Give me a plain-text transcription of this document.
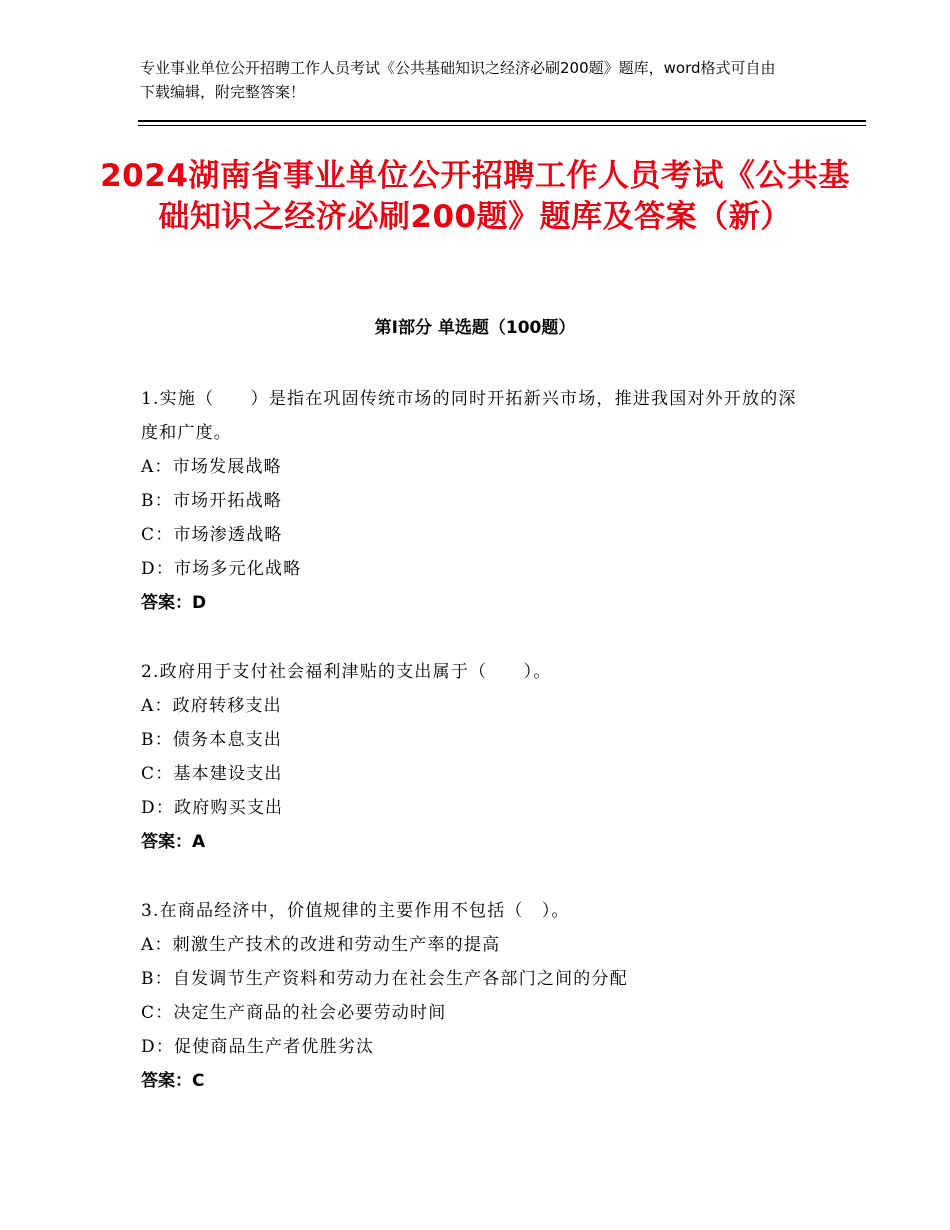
专业事业单位公开招聘工作人员考试《公共基础知识之经济必刷200题》题库，word格式可自由下载编辑，附完整答案！
2024湖南省事业单位公开招聘工作人员考试《公共基础知识之经济必刷200题》题库及答案（新）
第I部分 单选题（100题）

1.实施（　　）是指在巩固传统市场的同时开拓新兴市场，推进我国对外开放的深度和广度。

A：市场发展战略

B：市场开拓战略

C：市场渗透战略

D：市场多元化战略

答案：D

2.政府用于支付社会福利津贴的支出属于（　　）。

A：政府转移支出

B：债务本息支出

C：基本建设支出

D：政府购买支出

答案：A

3.在商品经济中，价值规律的主要作用不包括（　）。

A：刺激生产技术的改进和劳动生产率的提高

B：自发调节生产资料和劳动力在社会生产各部门之间的分配

C：决定生产商品的社会必要劳动时间

D：促使商品生产者优胜劣汰

答案：C
